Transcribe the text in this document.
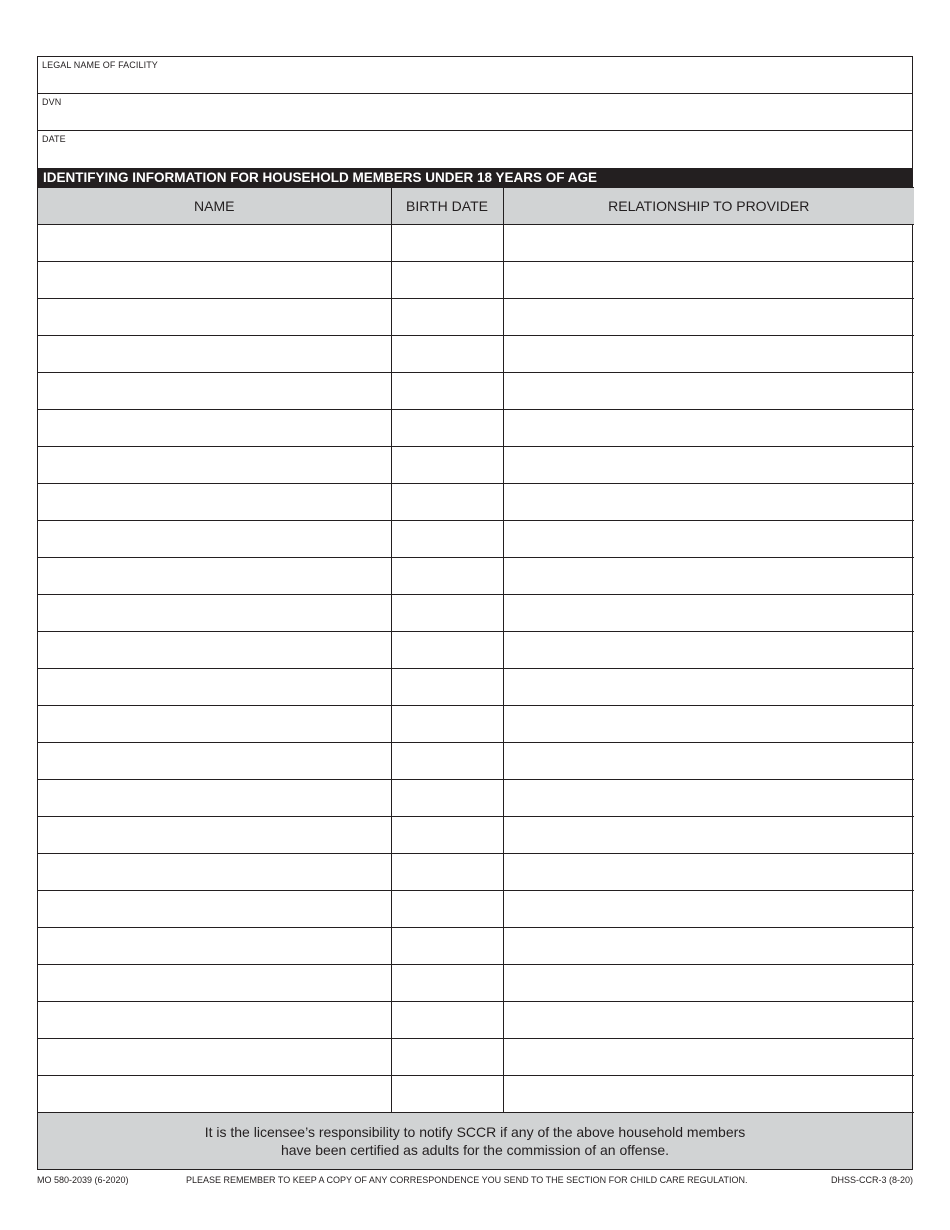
LEGAL NAME OF FACILITY
DVN
DATE
IDENTIFYING INFORMATION FOR HOUSEHOLD MEMBERS UNDER 18 YEARS OF AGE
NAME	BIRTH DATE	RELATIONSHIP TO PROVIDER

It is the licensee’s responsibility to notify SCCR if any of the above household members
have been certified as adults for the commission of an offense.
MO 580-2039 (6-2020)	PLEASE REMEMBER TO KEEP A COPY OF ANY CORRESPONDENCE YOU SEND TO THE SECTION FOR CHILD CARE REGULATION.	DHSS-CCR-3 (8-20)
